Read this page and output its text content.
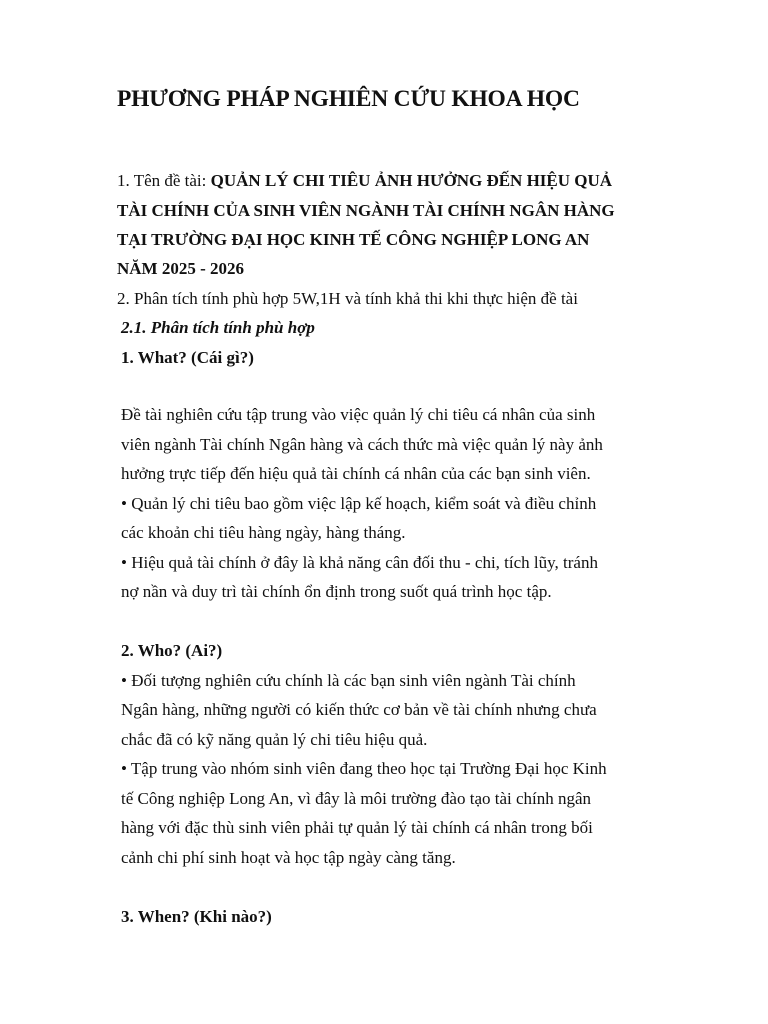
PHƯƠNG PHÁP NGHIÊN CỨU KHOA HỌC

1. Tên đề tài: QUẢN LÝ CHI TIÊU ẢNH HƯỞNG ĐẾN HIỆU QUẢ

TÀI CHÍNH CỦA SINH VIÊN NGÀNH TÀI CHÍNH NGÂN HÀNG

TẠI TRƯỜNG ĐẠI HỌC KINH TẾ CÔNG NGHIỆP LONG AN

NĂM 2025 - 2026

2. Phân tích tính phù hợp 5W,1H và tính khả thi khi thực hiện đề tài

2.1. Phân tích tính phù hợp

1. What? (Cái gì?)

Đề tài nghiên cứu tập trung vào việc quản lý chi tiêu cá nhân của sinh

viên ngành Tài chính Ngân hàng và cách thức mà việc quản lý này ảnh

hưởng trực tiếp đến hiệu quả tài chính cá nhân của các bạn sinh viên.

• Quản lý chi tiêu bao gồm việc lập kế hoạch, kiểm soát và điều chỉnh

các khoản chi tiêu hàng ngày, hàng tháng.

• Hiệu quả tài chính ở đây là khả năng cân đối thu - chi, tích lũy, tránh

nợ nần và duy trì tài chính ổn định trong suốt quá trình học tập.

2. Who? (Ai?)

• Đối tượng nghiên cứu chính là các bạn sinh viên ngành Tài chính

Ngân hàng, những người có kiến thức cơ bản về tài chính nhưng chưa

chắc đã có kỹ năng quản lý chi tiêu hiệu quả.

• Tập trung vào nhóm sinh viên đang theo học tại Trường Đại học Kinh

tế Công nghiệp Long An, vì đây là môi trường đào tạo tài chính ngân

hàng với đặc thù sinh viên phải tự quản lý tài chính cá nhân trong bối

cảnh chi phí sinh hoạt và học tập ngày càng tăng.

3. When? (Khi nào?)
